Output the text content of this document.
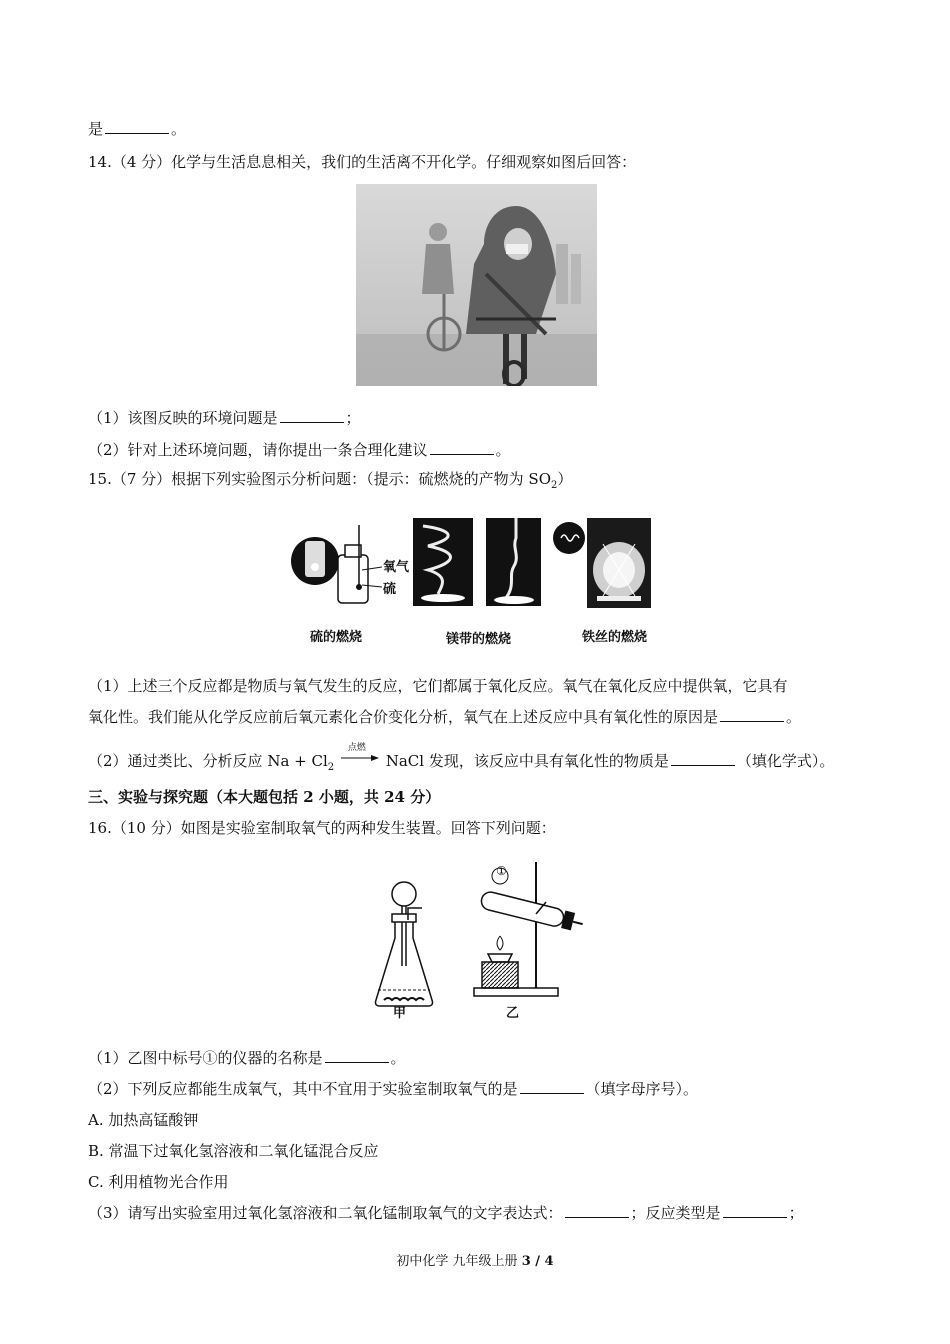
是	。
14.（4 分）化学与生活息息相关，我们的生活离不开化学。仔细观察如图后回答：
（1）该图反映的环境问题是	；
（2）针对上述环境问题，请你提出一条合理化建议	。
15.（7 分）根据下列实验图示分析问题：（提示：硫燃烧的产物为 $SO_2$）
氧气
硫
硫的燃烧	镁带的燃烧	铁丝的燃烧
（1）上述三个反应都是物质与氧气发生的反应，它们都属于氧化反应。氧气在氧化反应中提供氧，它具有
氧化性。我们能从化学反应前后氧元素化合价变化分析，氧气在上述反应中具有氧化性的原因是	。
（2）通过类比、分析反应 $Na + Cl_2$
点燃
NaCl 发现，该反应中具有氧化性的物质是	（填化学式）。
三、实验与探究题（本大题包括 2 小题，共 24 分）
16.（10 分）如图是实验室制取氧气的两种发生装置。回答下列问题：
甲
①
乙
（1）乙图中标号①的仪器的名称是	。
（2）下列反应都能生成氧气，其中不宜用于实验室制取氧气的是	（填字母序号）。
A. 加热高锰酸钾
B. 常温下过氧化氢溶液和二氧化锰混合反应
C. 利用植物光合作用
（3）请写出实验室用过氧化氢溶液和二氧化锰制取氧气的文字表达式：	；反应类型是	；
初中化学 九年级上册 3 / 4
